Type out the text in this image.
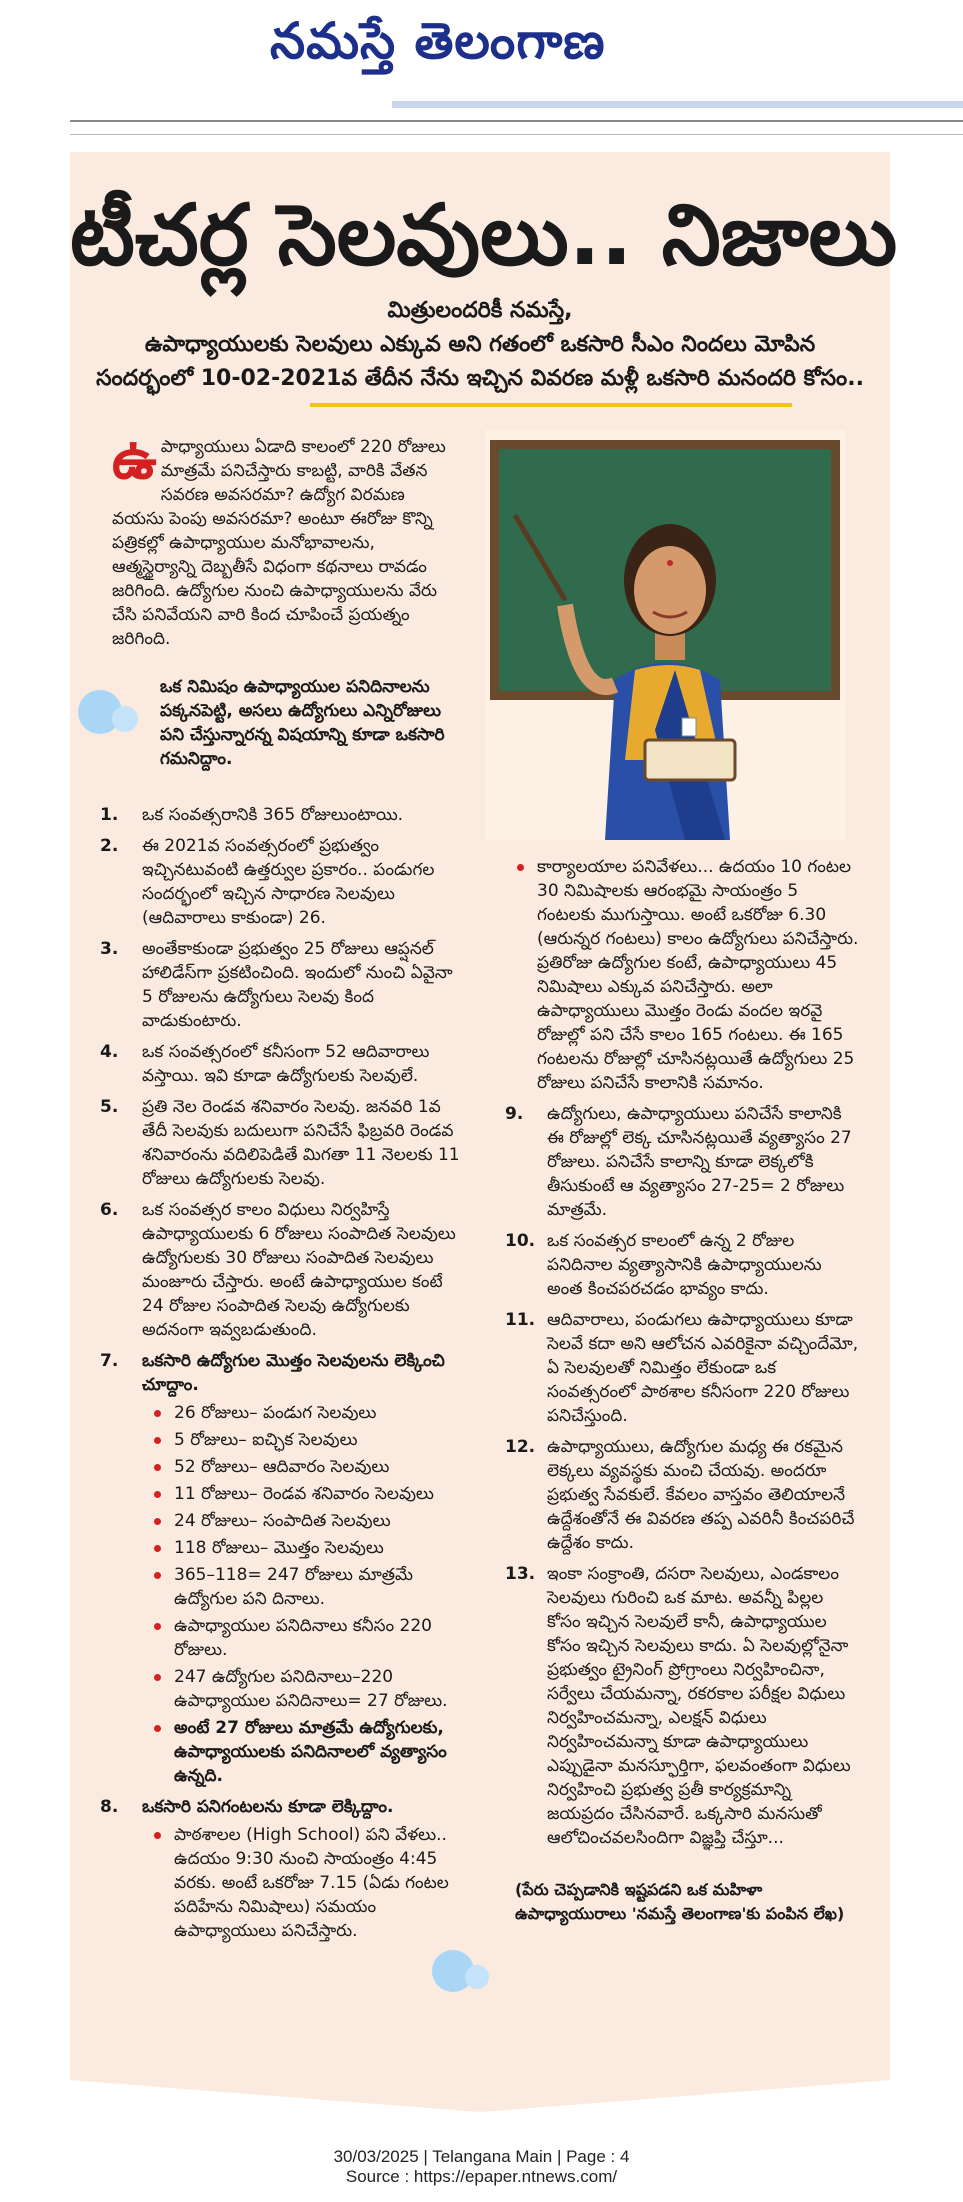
నమస్తే తెలంగాణ
టీచర్ల సెలవులు.. నిజాలు
మిత్రులందరికీ నమస్తే,
ఉపాధ్యాయులకు సెలవులు ఎక్కువ అని గతంలో ఒకసారి సీఎం నిందలు మోపిన
సందర్భంలో 10-02-2021వ తేదీన నేను ఇచ్చిన వివరణ మళ్లీ ఒకసారి మనందరి కోసం..
ఉపాధ్యాయులు ఏడాది కాలంలో 220 రోజులు మాత్రమే పనిచేస్తారు కాబట్టి, వారికి వేతన సవరణ అవసరమా? ఉద్యోగ విరమణ వయసు పెంపు అవసరమా? అంటూ ఈరోజు కొన్ని పత్రికల్లో ఉపాధ్యాయుల మనోభావాలను, ఆత్మస్థైర్యాన్ని దెబ్బతీసే విధంగా కథనాలు రావడం జరిగింది. ఉద్యోగుల నుంచి ఉపాధ్యాయులను వేరు చేసి పనివేయని వారి కింద చూపించే ప్రయత్నం జరిగింది.
ఒక నిమిషం ఉపాధ్యాయుల పనిదినాలను పక్కనపెట్టి, అసలు ఉద్యోగులు ఎన్నిరోజులు పని చేస్తున్నారన్న విషయాన్ని కూడా ఒకసారి గమనిద్దాం.
1. ఒక సంవత్సరానికి 365 రోజులుంటాయి.
2. ఈ 2021వ సంవత్సరంలో ప్రభుత్వం ఇచ్చినటువంటి ఉత్తర్వుల ప్రకారం.. పండుగల సందర్భంలో ఇచ్చిన సాధారణ సెలవులు (ఆదివారాలు కాకుండా) 26.
3. అంతేకాకుండా ప్రభుత్వం 25 రోజులు ఆప్షనల్ హాలిడేస్‌గా ప్రకటించింది. ఇందులో నుంచి ఏవైనా 5 రోజులను ఉద్యోగులు సెలవు కింద వాడుకుంటారు.
4. ఒక సంవత్సరంలో కనీసంగా 52 ఆదివారాలు వస్తాయి. ఇవి కూడా ఉద్యోగులకు సెలవులే.
5. ప్రతి నెల రెండవ శనివారం సెలవు. జనవరి 1వ తేదీ సెలవుకు బదులుగా పనిచేసే ఫిబ్రవరి రెండవ శనివారంను వదిలిపెడితే మిగతా 11 నెలలకు 11 రోజులు ఉద్యోగులకు సెలవు.
6. ఒక సంవత్సర కాలం విధులు నిర్వహిస్తే ఉపాధ్యాయులకు 6 రోజులు సంపాదిత సెలవులు ఉద్యోగులకు 30 రోజులు సంపాదిత సెలవులు మంజూరు చేస్తారు. అంటే ఉపాధ్యాయుల కంటే 24 రోజుల సంపాదిత సెలవు ఉద్యోగులకు అదనంగా ఇవ్వబడుతుంది.
7. ఒకసారి ఉద్యోగుల మొత్తం సెలవులను లెక్కించి చూద్దాం.
26 రోజులు– పండుగ సెలవులు
5 రోజులు– ఐచ్ఛిక సెలవులు
52 రోజులు– ఆదివారం సెలవులు
11 రోజులు– రెండవ శనివారం సెలవులు
24 రోజులు– సంపాదిత సెలవులు
118 రోజులు– మొత్తం సెలవులు
365–118= 247 రోజులు మాత్రమే ఉద్యోగుల పని దినాలు.
ఉపాధ్యాయుల పనిదినాలు కనీసం 220 రోజులు.
247 ఉద్యోగుల పనిదినాలు–220 ఉపాధ్యాయుల పనిదినాలు= 27 రోజులు.
అంటే 27 రోజులు మాత్రమే ఉద్యోగులకు, ఉపాధ్యాయులకు పనిదినాలలో వ్యత్యాసం ఉన్నది.
8. ఒకసారి పనిగంటలను కూడా లెక్కిద్దాం.
పాఠశాలల (High School) పని వేళలు.. ఉదయం 9:30 నుంచి సాయంత్రం 4:45 వరకు. అంటే ఒకరోజు 7.15 (ఏడు గంటల పదిహేను నిమిషాలు) సమయం ఉపాధ్యాయులు పనిచేస్తారు.
కార్యాలయాల పనివేళలు... ఉదయం 10 గంటల 30 నిమిషాలకు ఆరంభమై సాయంత్రం 5 గంటలకు ముగుస్తాయి. అంటే ఒకరోజు 6.30 (ఆరున్నర గంటలు) కాలం ఉద్యోగులు పనిచేస్తారు. ప్రతిరోజు ఉద్యోగుల కంటే, ఉపాధ్యాయులు 45 నిమిషాలు ఎక్కువ పనిచేస్తారు. అలా ఉపాధ్యాయులు మొత్తం రెండు వందల ఇరవై రోజుల్లో పని చేసే కాలం 165 గంటలు. ఈ 165 గంటలను రోజుల్లో చూసినట్లయితే ఉద్యోగులు 25 రోజులు పనిచేసే కాలానికి సమానం.
9. ఉద్యోగులు, ఉపాధ్యాయులు పనిచేసే కాలానికి ఈ రోజుల్లో లెక్క చూసినట్లయితే వ్యత్యాసం 27 రోజులు. పనిచేసే కాలాన్ని కూడా లెక్కలోకి తీసుకుంటే ఆ వ్యత్యాసం 27-25= 2 రోజులు మాత్రమే.
10. ఒక సంవత్సర కాలంలో ఉన్న 2 రోజుల పనిదినాల వ్యత్యాసానికి ఉపాధ్యాయులను అంత కించపరచడం భావ్యం కాదు.
11. ఆదివారాలు, పండుగలు ఉపాధ్యాయులు కూడా సెలవే కదా అని ఆలోచన ఎవరికైనా వచ్చిందేమో, ఏ సెలవులతో నిమిత్తం లేకుండా ఒక సంవత్సరంలో పాఠశాల కనీసంగా 220 రోజులు పనిచేస్తుంది.
12. ఉపాధ్యాయులు, ఉద్యోగుల మధ్య ఈ రకమైన లెక్కలు వ్యవస్థకు మంచి చేయవు. అందరూ ప్రభుత్వ సేవకులే. కేవలం వాస్తవం తెలియాలనే ఉద్దేశంతోనే ఈ వివరణ తప్ప ఎవరినీ కించపరిచే ఉద్దేశం కాదు.
13. ఇంకా సంక్రాంతి, దసరా సెలవులు, ఎండకాలం సెలవులు గురించి ఒక మాట. అవన్నీ పిల్లల కోసం ఇచ్చిన సెలవులే కానీ, ఉపాధ్యాయుల కోసం ఇచ్చిన సెలవులు కాదు. ఏ సెలవుల్లోనైనా ప్రభుత్వం ట్రైనింగ్ ప్రోగ్రాంలు నిర్వహించినా, సర్వేలు చేయమన్నా, రకరకాల పరీక్షల విధులు నిర్వహించమన్నా, ఎలక్షన్ విధులు నిర్వహించమన్నా కూడా ఉపాధ్యాయులు ఎప్పుడైనా మనస్ఫూర్తిగా, ఫలవంతంగా విధులు నిర్వహించి ప్రభుత్వ ప్రతీ కార్యక్రమాన్ని జయప్రదం చేసినవారే. ఒక్కసారి మనసుతో ఆలోచించవలసిందిగా విజ్ఞప్తి చేస్తూ...
(పేరు చెప్పడానికి ఇష్టపడని ఒక మహిళా ఉపాధ్యాయురాలు 'నమస్తే తెలంగాణ'కు పంపిన లేఖ)
30/03/2025 | Telangana Main | Page : 4
Source : https://epaper.ntnews.com/
